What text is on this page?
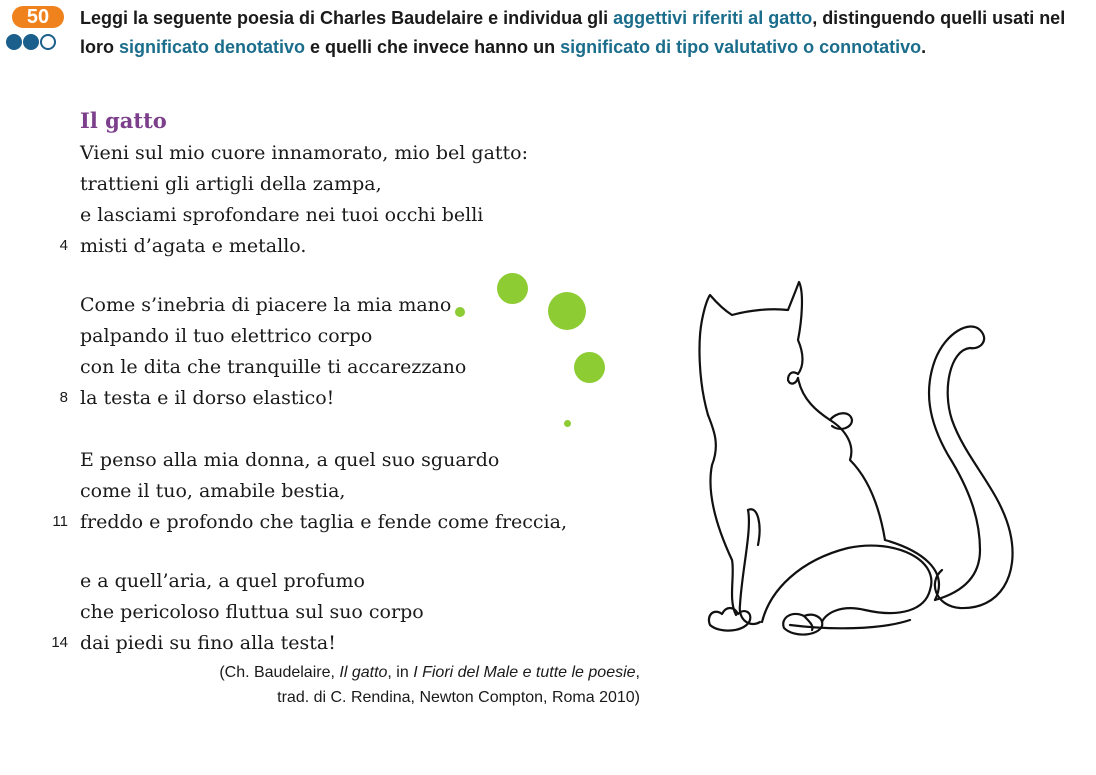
50	Leggi la seguente poesia di Charles Baudelaire e individua gli aggettivi riferiti al gatto, distinguendo quelli usati nel loro significato denotativo e quelli che invece hanno un significato di tipo valutativo o connotativo.

Il gatto
Vieni sul mio cuore innamorato, mio bel gatto:
trattieni gli artigli della zampa,
e lasciami sprofondare nei tuoi occhi belli
misti d’agata e metallo.
4
Come s’inebria di piacere la mia mano
palpando il tuo elettrico corpo
con le dita che tranquille ti accarezzano
la testa e il dorso elastico!
8
E penso alla mia donna, a quel suo sguardo
come il tuo, amabile bestia,
freddo e profondo che taglia e fende come freccia,
11
e a quell’aria, a quel profumo
che pericoloso fluttua sul suo corpo
dai piedi su fino alla testa!
14

(Ch. Baudelaire, Il gatto, in I Fiori del Male e tutte le poesie,
trad. di C. Rendina, Newton Compton, Roma 2010)
